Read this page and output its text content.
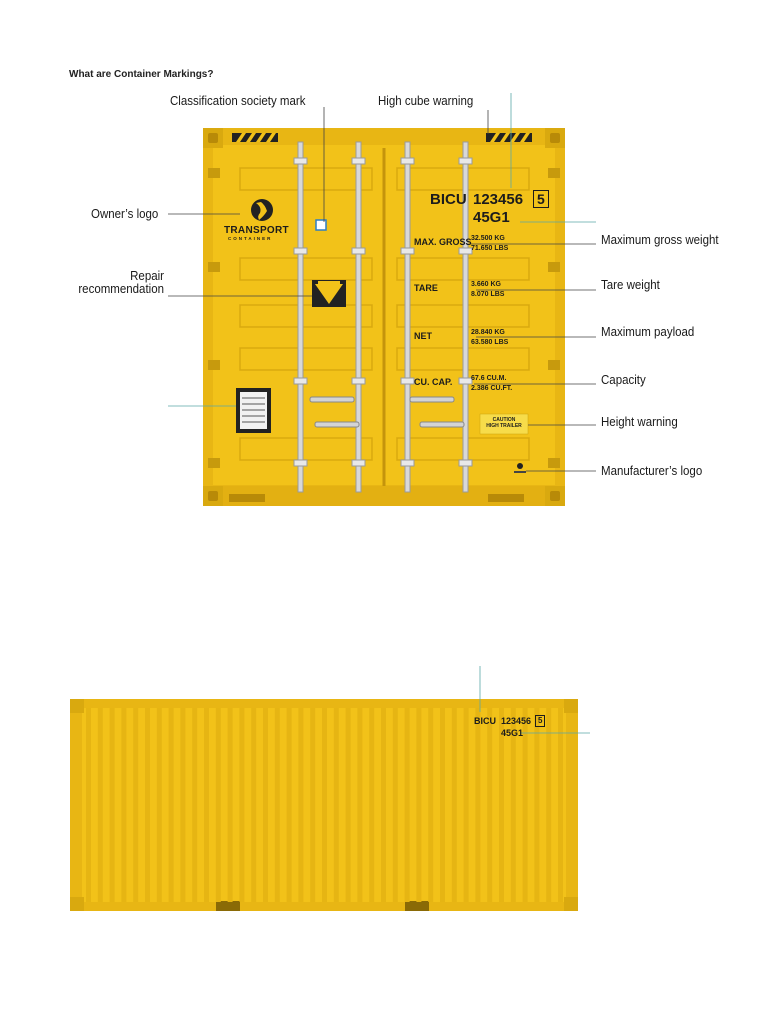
What are Container Markings?
Classification society mark	High cube warning
Owner’s logo
Repair
recommendation
Maximum gross weight
Tare weight
Maximum payload
Capacity
Height warning
Manufacturer’s logo
TRANSPORT
CONTAINER
BICU 123456 5
45G1
MAX. GROSS 32.500 KG
71.650 LBS
TARE	3.660 KG
8.070 LBS
NET	28.840 KG
63.580 LBS
CU. CAP.	67.6 CU.M.
2.386 CU.FT.
CAUTION
HIGH TRAILER
BICU 123456 5
45G1
